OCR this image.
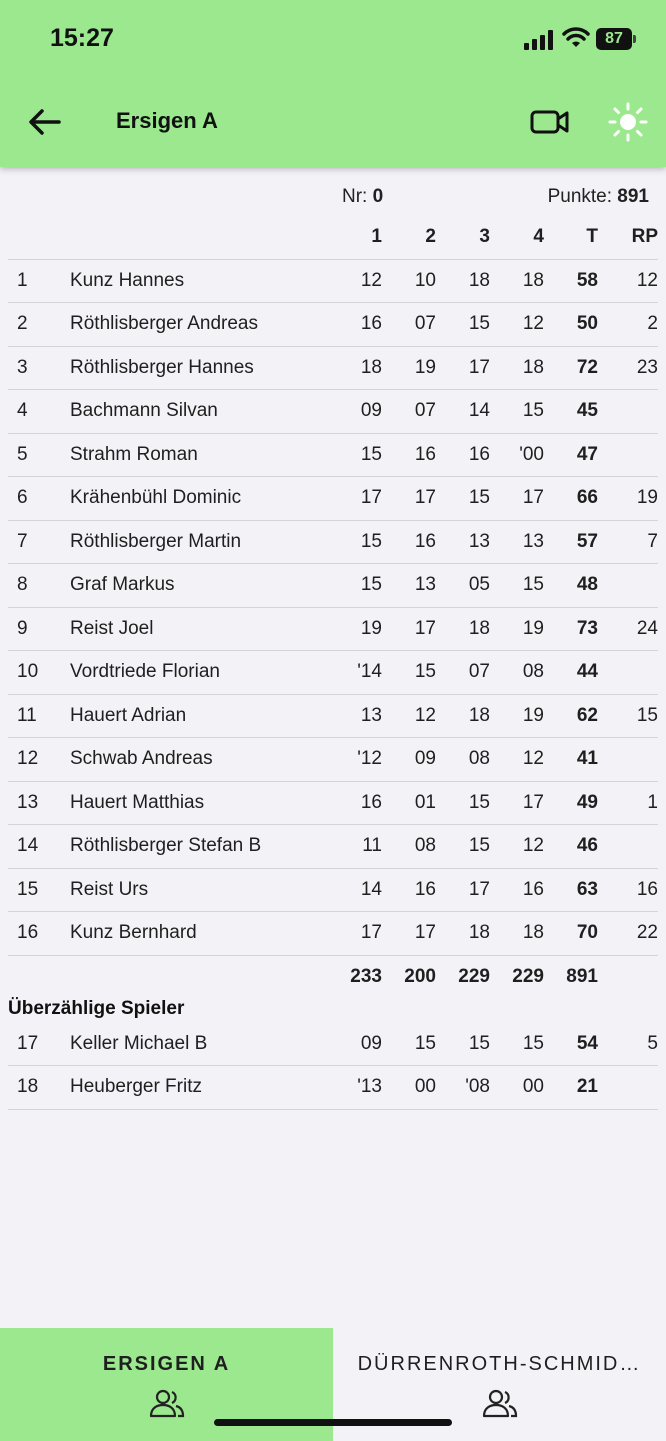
15:27	87
Ersigen A
Nr: 0	Punkte: 891
		1	2	3	4	T	RP
1	Kunz Hannes	12	10	18	18	58	12
2	Röthlisberger Andreas	16	07	15	12	50	2
3	Röthlisberger Hannes	18	19	17	18	72	23
4	Bachmann Silvan	09	07	14	15	45	
5	Strahm Roman	15	16	16	'00	47	
6	Krähenbühl Dominic	17	17	15	17	66	19
7	Röthlisberger Martin	15	16	13	13	57	7
8	Graf Markus	15	13	05	15	48	
9	Reist Joel	19	17	18	19	73	24
10	Vordtriede Florian	'14	15	07	08	44	
11	Hauert Adrian	13	12	18	19	62	15
12	Schwab Andreas	'12	09	08	12	41	
13	Hauert Matthias	16	01	15	17	49	1
14	Röthlisberger Stefan B	11	08	15	12	46	
15	Reist Urs	14	16	17	16	63	16
16	Kunz Bernhard	17	17	18	18	70	22
		233	200	229	229	891	
Überzählige Spieler
17	Keller Michael B	09	15	15	15	54	5
18	Heuberger Fritz	'13	00	'08	00	21	
ERSIGEN A	DÜRRENROTH-SCHMID…
